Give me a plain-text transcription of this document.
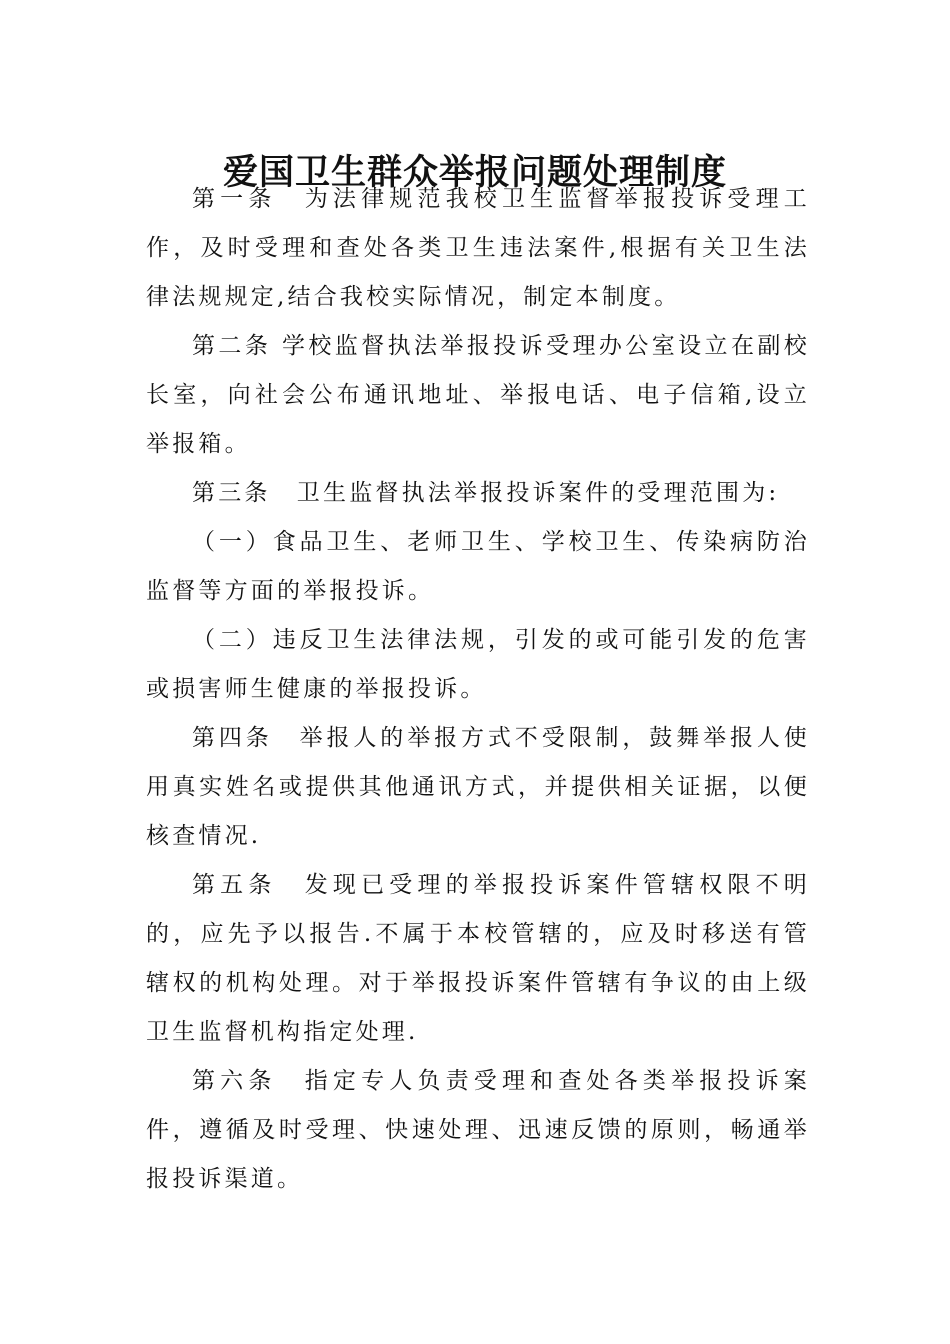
爱国卫生群众举报问题处理制度

第一条　为法律规范我校卫生监督举报投诉受理工作，及时受理和查处各类卫生违法案件,根据有关卫生法律法规规定,结合我校实际情况，制定本制度。

第二条 学校监督执法举报投诉受理办公室设立在副校长室，向社会公布通讯地址、举报电话、电子信箱,设立举报箱。

第三条　卫生监督执法举报投诉案件的受理范围为:

（一）食品卫生、老师卫生、学校卫生、传染病防治监督等方面的举报投诉。

（二）违反卫生法律法规，引发的或可能引发的危害或损害师生健康的举报投诉。

第四条　举报人的举报方式不受限制，鼓舞举报人使用真实姓名或提供其他通讯方式，并提供相关证据，以便核查情况.

第五条　发现已受理的举报投诉案件管辖权限不明的，应先予以报告.不属于本校管辖的，应及时移送有管辖权的机构处理。对于举报投诉案件管辖有争议的由上级卫生监督机构指定处理.

第六条　指定专人负责受理和查处各类举报投诉案件，遵循及时受理、快速处理、迅速反馈的原则，畅通举报投诉渠道。
